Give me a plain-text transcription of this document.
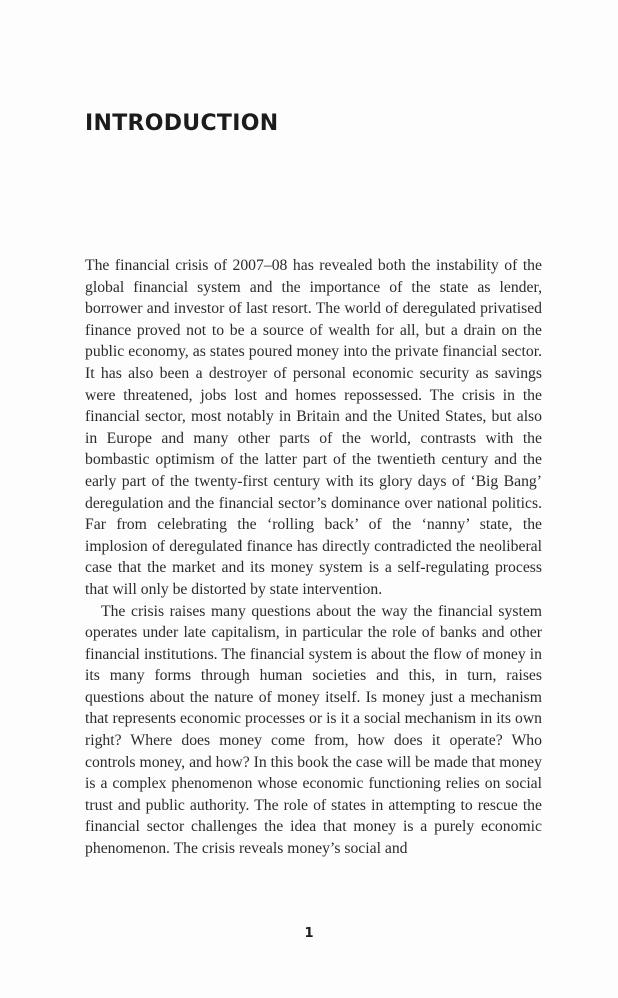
INTRODUCTION

The financial crisis of 2007–08 has revealed both the instability of the global financial system and the importance of the state as lender, borrower and investor of last resort. The world of deregulated privatised finance proved not to be a source of wealth for all, but a drain on the public economy, as states poured money into the private financial sector. It has also been a destroyer of personal economic security as savings were threatened, jobs lost and homes repossessed. The crisis in the financial sector, most notably in Britain and the United States, but also in Europe and many other parts of the world, contrasts with the bombastic optimism of the latter part of the twentieth century and the early part of the twenty-first century with its glory days of ‘Big Bang’ deregulation and the financial sector’s dominance over national politics. Far from celebrating the ‘rolling back’ of the ‘nanny’ state, the implosion of deregulated finance has directly contradicted the neoliberal case that the market and its money system is a self-regulating process that will only be distorted by state intervention.

The crisis raises many questions about the way the financial system operates under late capitalism, in particular the role of banks and other financial institutions. The financial system is about the flow of money in its many forms through human societies and this, in turn, raises questions about the nature of money itself. Is money just a mechanism that represents economic processes or is it a social mechanism in its own right? Where does money come from, how does it operate? Who controls money, and how? In this book the case will be made that money is a complex phenomenon whose economic functioning relies on social trust and public authority. The role of states in attempting to rescue the financial sector challenges the idea that money is a purely economic phenomenon. The crisis reveals money’s social and

1
